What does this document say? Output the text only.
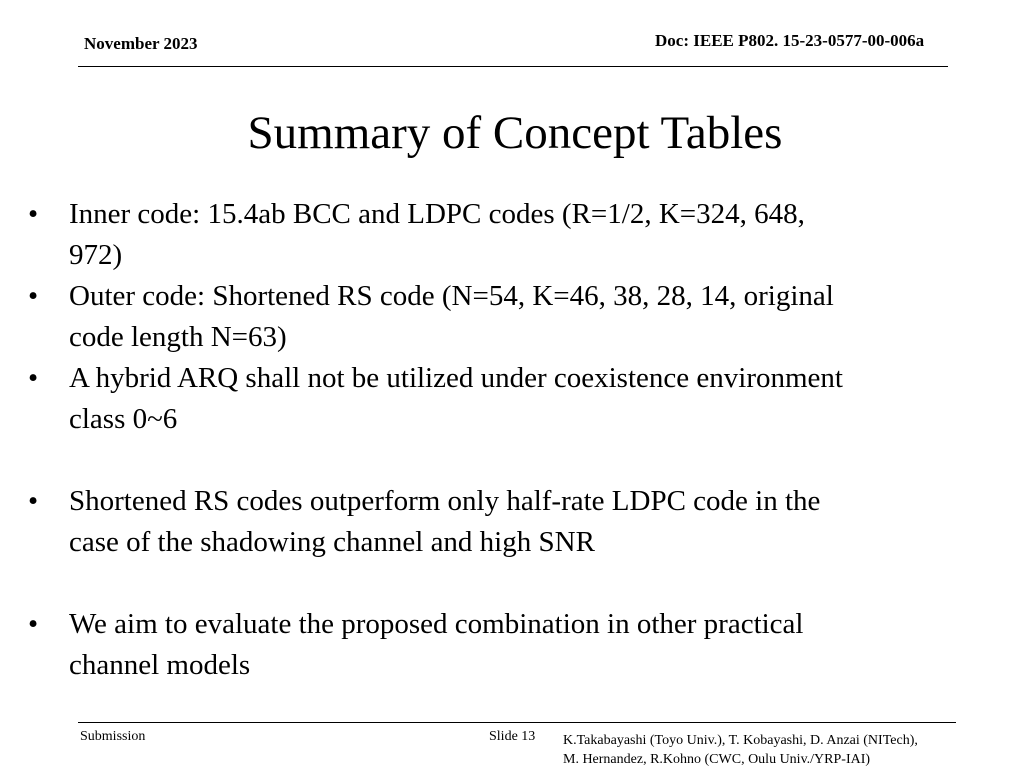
November 2023	Doc: IEEE P802. 15-23-0577-00-006a
Summary of Concept Tables
• Inner code: 15.4ab BCC and LDPC codes (R=1/2, K=324, 648,
972)
• Outer code: Shortened RS code (N=54, K=46, 38, 28, 14, original
code length N=63)
• A hybrid ARQ shall not be utilized under coexistence environment
class 0~6
• Shortened RS codes outperform only half-rate LDPC code in the
case of the shadowing channel and high SNR
• We aim to evaluate the proposed combination in other practical
channel models
Submission	Slide 13 K.Takabayashi (Toyo Univ.), T. Kobayashi, D. Anzai (NITech),
M. Hernandez, R.Kohno (CWC, Oulu Univ./YRP-IAI)
